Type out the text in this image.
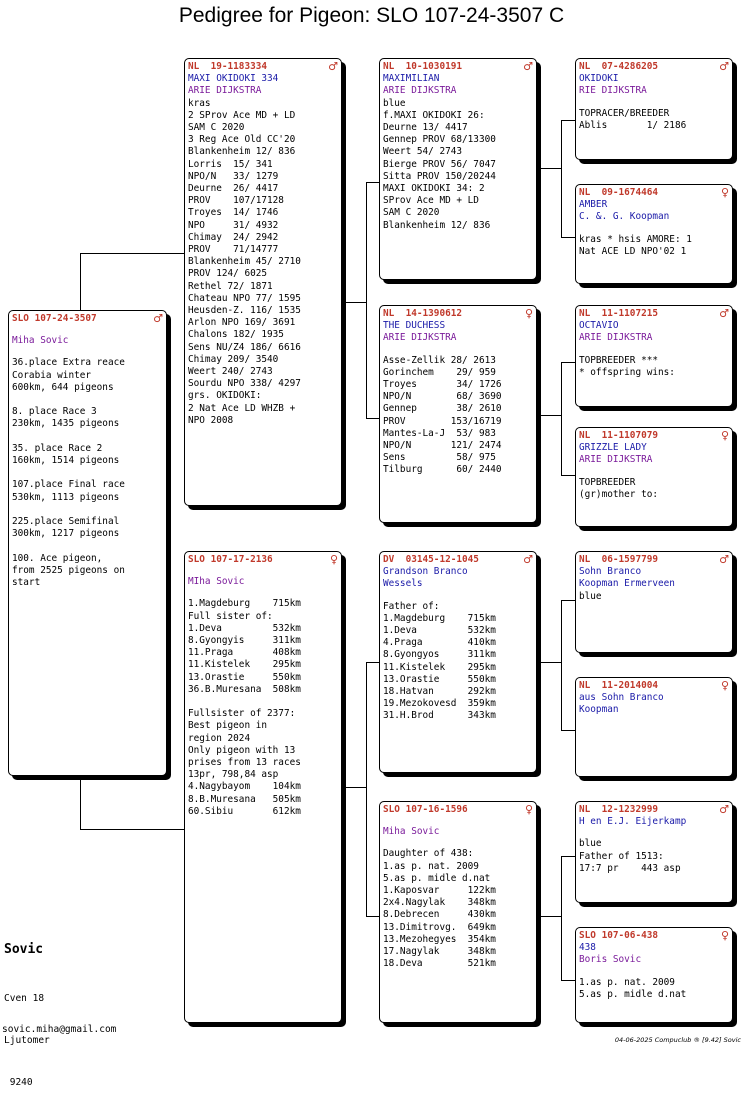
Pedigree for Pigeon: SLO 107-24-3507 C
SLO 107-24-3507	♂
Miha Sovic
36.place Extra reace
Corabia winter
600km, 644 pigeons
8. place Race 3
230km, 1435 pigeons
35. place Race 2
160km, 1514 pigeons
107.place Final race
530km, 1113 pigeons
225.place Semifinal
300km, 1217 pigeons
100. Ace pigeon,
from 2525 pigeons on
start
NL  19-1183334	♂
MAXI OKIDOKI 334
ARIE DIJKSTRA
kras
2 SProv Ace MD + LD
SAM C 2020
3 Reg Ace Old CC'20
Blankenheim 12/ 836
Lorris  15/ 341
NPO/N   33/ 1279
Deurne  26/ 4417
PROV    107/17128
Troyes  14/ 1746
NPO     31/ 4932
Chimay  24/ 2942
PROV    71/14777
Blankenheim 45/ 2710
PROV 124/ 6025
Rethel 72/ 1871
Chateau NPO 77/ 1595
Heusden-Z. 116/ 1535
Arlon NPO 169/ 3691
Chalons 182/ 1935
Sens NU/Z4 186/ 6616
Chimay 209/ 3540
Weert 240/ 2743
Sourdu NPO 338/ 4297
grs. OKIDOKI:
2 Nat Ace LD WHZB +
NPO 2008
SLO 107-17-2136	♀
MIha Sovic
1.Magdeburg    715km
Full sister of:
1.Deva         532km
8.Gyongyis     311km
11.Praga       408km
11.Kistelek    295km
13.Orastie     550km
36.B.Muresana  508km
Fullsister of 2377:
Best pigeon in
region 2024
Only pigeon with 13
prises from 13 races
13pr, 798,84 asp
4.Nagybayom    104km
8.B.Muresana   505km
60.Sibiu       612km
NL  10-1030191	♂
MAXIMILIAN
ARIE DIJKSTRA
blue
f.MAXI OKIDOKI 26:
Deurne 13/ 4417
Gennep PROV 68/13300
Weert 54/ 2743
Bierge PROV 56/ 7047
Sitta PROV 150/20244
MAXI OKIDOKI 34: 2
SProv Ace MD + LD
SAM C 2020
Blankenheim 12/ 836
NL  14-1390612	♀
THE DUCHESS
ARIE DIJKSTRA
Asse-Zellik 28/ 2613
Gorinchem    29/ 959
Troyes       34/ 1726
NPO/N        68/ 3690
Gennep       38/ 2610
PROV        153/16719
Mantes-La-J  53/ 983
NPO/N       121/ 2474
Sens         58/ 975
Tilburg      60/ 2440
DV  03145-12-1045	♂
Grandson Branco
Wessels
Father of:
1.Magdeburg    715km
1.Deva         532km
4.Praga        410km
8.Gyongyos     311km
11.Kistelek    295km
13.Orastie     550km
18.Hatvan      292km
19.Mezokovesd  359km
31.H.Brod      343km
SLO 107-16-1596	♀
Miha Sovic
Daughter of 438:
1.as p. nat. 2009
5.as p. midle d.nat
1.Kaposvar     122km
2x4.Nagylak    348km
8.Debrecen     430km
13.Dimitrovg.  649km
13.Mezohegyes  354km
17.Nagylak     348km
18.Deva        521km
NL  07-4286205	♂
OKIDOKI
RIE DIJKSTRA
TOPRACER/BREEDER
Ablis       1/ 2186
NL  09-1674464	♀
AMBER
C. &. G. Koopman
kras * hsis AMORE: 1
Nat ACE LD NPO'02 1
NL  11-1107215	♂
OCTAVIO
ARIE DIJKSTRA
TOPBREEDER ***
* offspring wins:
NL  11-1107079	♀
GRIZZLE LADY
ARIE DIJKSTRA
TOPBREEDER
(gr)mother to:
NL  06-1597799	♂
Sohn Branco
Koopman Ermerveen
blue
NL  11-2014004	♀
aus Sohn Branco
Koopman
NL  12-1232999	♂
H en E.J. Eijerkamp
blue
Father of 1513:
17:7 pr    443 asp
SLO 107-06-438	♀
438
Boris Sovic
1.as p. nat. 2009
5.as p. midle d.nat
Sovic

Cven 18

Ljutomer

9240

sovic.miha@gmail.com
04-06-2025 Compuclub ® [9.42] Sovic
